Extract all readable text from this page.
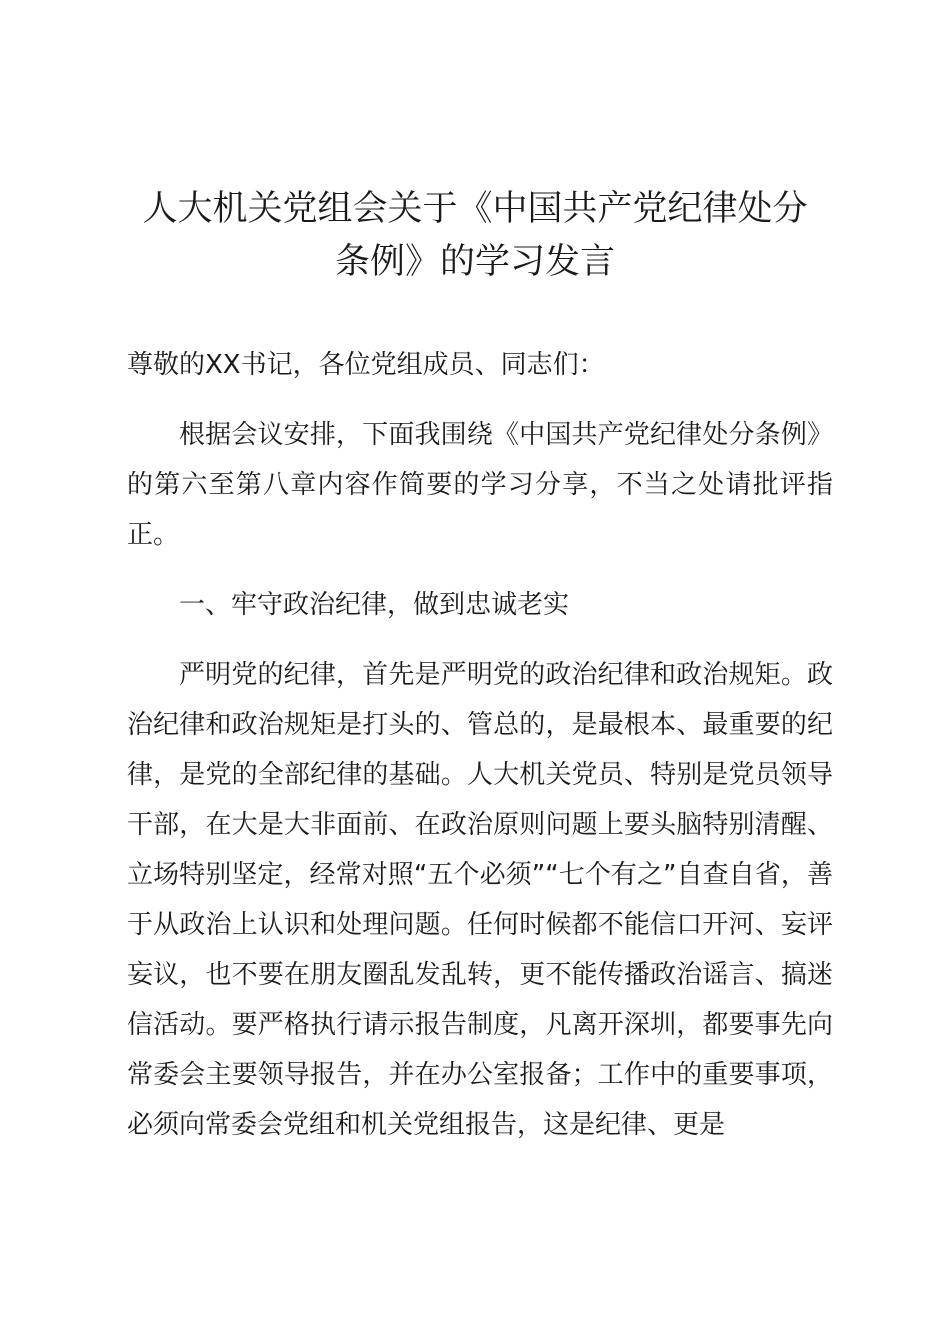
人大机关党组会关于《中国共产党纪律处分
条例》的学习发言

尊敬的XX书记，各位党组成员、同志们：

根据会议安排，下面我围绕《中国共产党纪律处分条例》的第六至第八章内容作简要的学习分享，不当之处请批评指正。

一、牢守政治纪律，做到忠诚老实

严明党的纪律，首先是严明党的政治纪律和政治规矩。政治纪律和政治规矩是打头的、管总的，是最根本、最重要的纪律，是党的全部纪律的基础。人大机关党员、特别是党员领导干部，在大是大非面前、在政治原则问题上要头脑特别清醒、立场特别坚定，经常对照“五个必须”“七个有之”自查自省，善于从政治上认识和处理问题。任何时候都不能信口开河、妄评妄议，也不要在朋友圈乱发乱转，更不能传播政治谣言、搞迷信活动。要严格执行请示报告制度，凡离开深圳，都要事先向常委会主要领导报告，并在办公室报备；工作中的重要事项，必须向常委会党组和机关党组报告，这是纪律、更是
